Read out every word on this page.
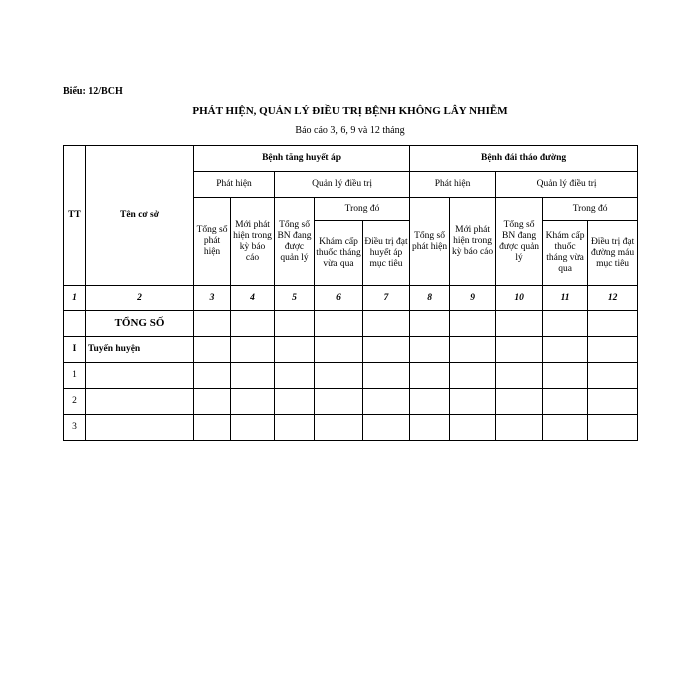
Biểu: 12/BCH
PHÁT HIỆN, QUẢN LÝ ĐIỀU TRỊ BỆNH KHÔNG LÂY NHIỄM
Báo cáo 3, 6, 9 và 12 tháng
TT	Tên cơ sở	Bệnh tăng huyết áp					Bệnh đái tháo đường				
		Phát hiện		Quản lý điều trị			Phát hiện		Quản lý điều trị		
		Tổng số phát hiện	Mới phát hiện trong kỳ báo cáo	Tổng số BN đang được quản lý	Trong đó		Tổng số phát hiện	Mới phát hiện trong kỳ báo cáo	Tổng số BN đang được quản lý	Trong đó	
					Khám cấp thuốc tháng vừa qua	Điều trị đạt huyết áp mục tiêu				Khám cấp thuốc tháng vừa qua	Điều trị đạt đường máu mục tiêu
1	2	3	4	5	6	7	8	9	10	11	12
	TỔNG SỐ										
I	Tuyến huyện										
1											
2											
3											
